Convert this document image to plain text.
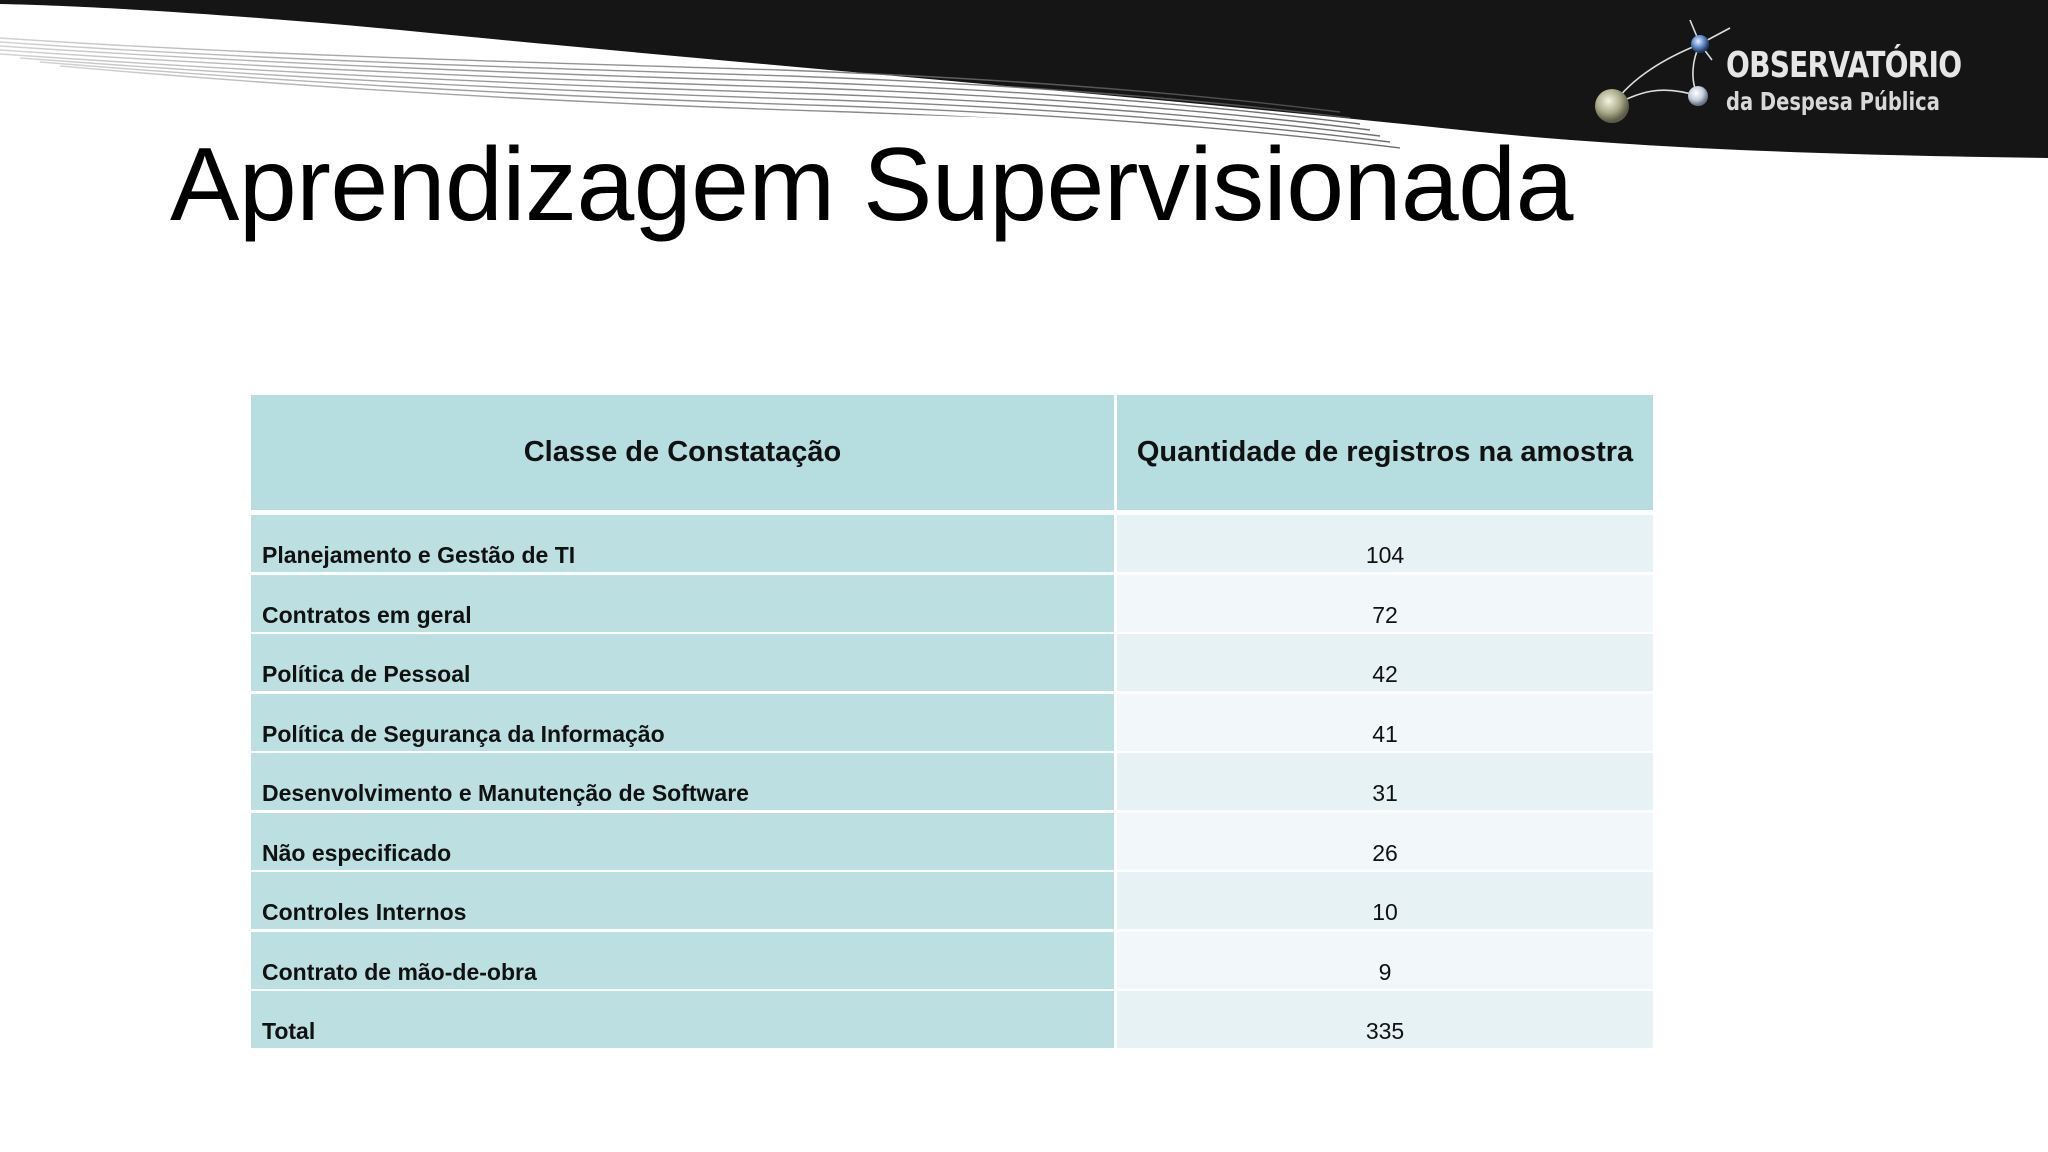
OBSERVATÓRIO
da Despesa Pública
Aprendizagem Supervisionada
Classe de Constatação	Quantidade de registros na amostra
Planejamento e Gestão de TI	104
Contratos em geral	72
Política de Pessoal	42
Política de Segurança da Informação	41
Desenvolvimento e Manutenção de Software	31
Não especificado	26
Controles Internos	10
Contrato de mão-de-obra	9
Total	335
